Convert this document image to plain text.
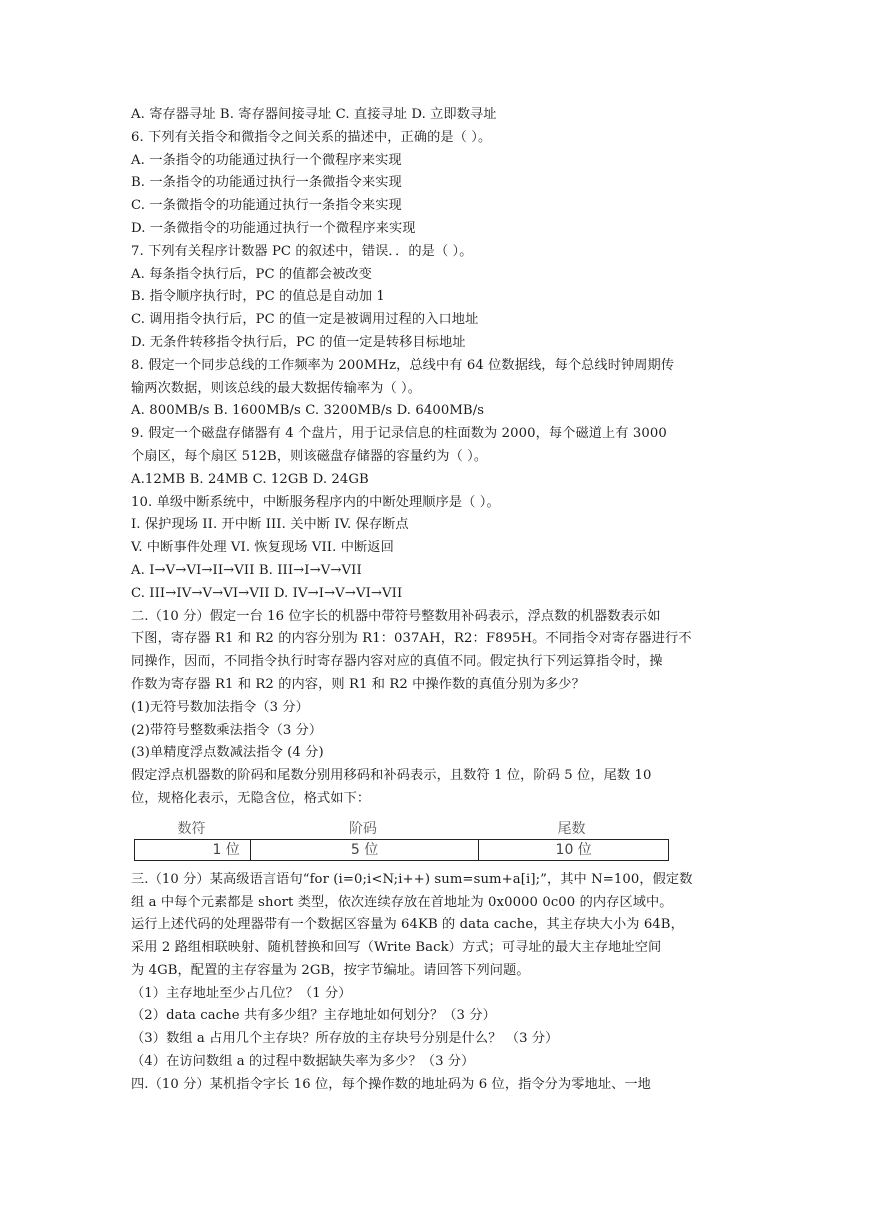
A. 寄存器寻址 B. 寄存器间接寻址 C. 直接寻址 D. 立即数寻址
6. 下列有关指令和微指令之间关系的描述中，正确的是（ ）。
A. 一条指令的功能通过执行一个微程序来实现
B. 一条指令的功能通过执行一条微指令来实现
C. 一条微指令的功能通过执行一条指令来实现
D. 一条微指令的功能通过执行一个微程序来实现
7. 下列有关程序计数器 PC 的叙述中，错误．．的是（ ）。
A. 每条指令执行后，PC 的值都会被改变
B. 指令顺序执行时，PC 的值总是自动加 1
C. 调用指令执行后，PC 的值一定是被调用过程的入口地址
D. 无条件转移指令执行后，PC 的值一定是转移目标地址
8. 假定一个同步总线的工作频率为 200MHz，总线中有 64 位数据线，每个总线时钟周期传
输两次数据，则该总线的最大数据传输率为（ ）。
A. 800MB/s B. 1600MB/s C. 3200MB/s D. 6400MB/s
9. 假定一个磁盘存储器有 4 个盘片，用于记录信息的柱面数为 2000，每个磁道上有 3000
个扇区，每个扇区 512B，则该磁盘存储器的容量约为（ ）。
A.12MB B. 24MB C. 12GB D. 24GB
10. 单级中断系统中，中断服务程序内的中断处理顺序是（ ）。
I. 保护现场 II. 开中断 III. 关中断 IV. 保存断点
V. 中断事件处理 VI. 恢复现场 VII. 中断返回
A. I→V→VI→II→VII B. III→I→V→VII
C. III→IV→V→VI→VII D. IV→I→V→VI→VII
二.（10 分）假定一台 16 位字长的机器中带符号整数用补码表示，浮点数的机器数表示如
下图，寄存器 R1 和 R2 的内容分别为 R1：037AH，R2：F895H。不同指令对寄存器进行不
同操作，因而，不同指令执行时寄存器内容对应的真值不同。假定执行下列运算指令时，操
作数为寄存器 R1 和 R2 的内容，则 R1 和 R2 中操作数的真值分别为多少？
(1)无符号数加法指令（3 分）
(2)带符号整数乘法指令（3 分）
(3)单精度浮点数减法指令 (4 分)
假定浮点机器数的阶码和尾数分别用移码和补码表示，且数符 1 位，阶码 5 位，尾数 10
位，规格化表示，无隐含位，格式如下：
数符	阶码	尾数
1 位	5 位	10 位
三.（10 分）某高级语言语句“for (i=0;i<N;i++) sum=sum+a[i];”，其中 N=100，假定数
组 a 中每个元素都是 short 类型，依次连续存放在首地址为 0x0000 0c00 的内存区域中。
运行上述代码的处理器带有一个数据区容量为 64KB 的 data cache，其主存块大小为 64B，
采用 2 路组相联映射、随机替换和回写（Write Back）方式；可寻址的最大主存地址空间
为 4GB，配置的主存容量为 2GB，按字节编址。请回答下列问题。
（1）主存地址至少占几位？（1 分）
（2）data cache 共有多少组？主存地址如何划分？（3 分）
（3）数组 a 占用几个主存块？所存放的主存块号分别是什么？ （3 分）
（4）在访问数组 a 的过程中数据缺失率为多少？（3 分）
四.（10 分）某机指令字长 16 位，每个操作数的地址码为 6 位，指令分为零地址、一地
